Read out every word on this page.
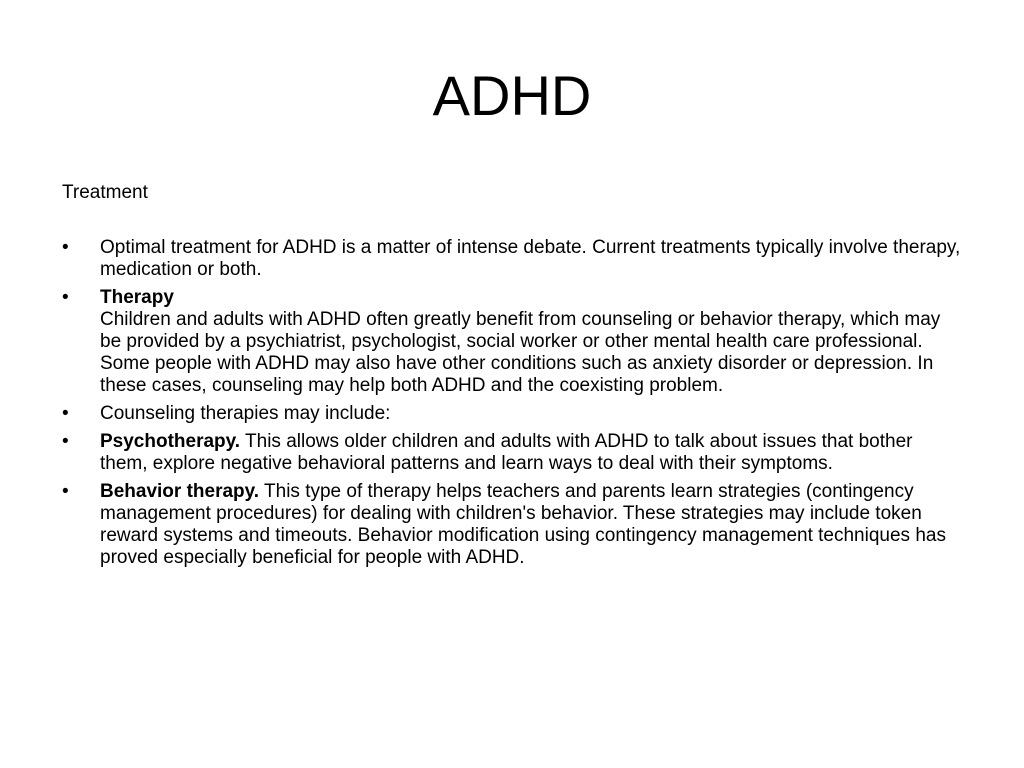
ADHD

Treatment

•	Optimal treatment for ADHD is a matter of intense debate. Current treatments typically involve therapy, medication or both.
•	Therapy
Children and adults with ADHD often greatly benefit from counseling or behavior therapy, which may be provided by a psychiatrist, psychologist, social worker or other mental health care professional. Some people with ADHD may also have other conditions such as anxiety disorder or depression. In these cases, counseling may help both ADHD and the coexisting problem.
•	Counseling therapies may include:
•	Psychotherapy. This allows older children and adults with ADHD to talk about issues that bother them, explore negative behavioral patterns and learn ways to deal with their symptoms.
•	Behavior therapy. This type of therapy helps teachers and parents learn strategies (contingency management procedures) for dealing with children's behavior. These strategies may include token reward systems and timeouts. Behavior modification using contingency management techniques has proved especially beneficial for people with ADHD.
